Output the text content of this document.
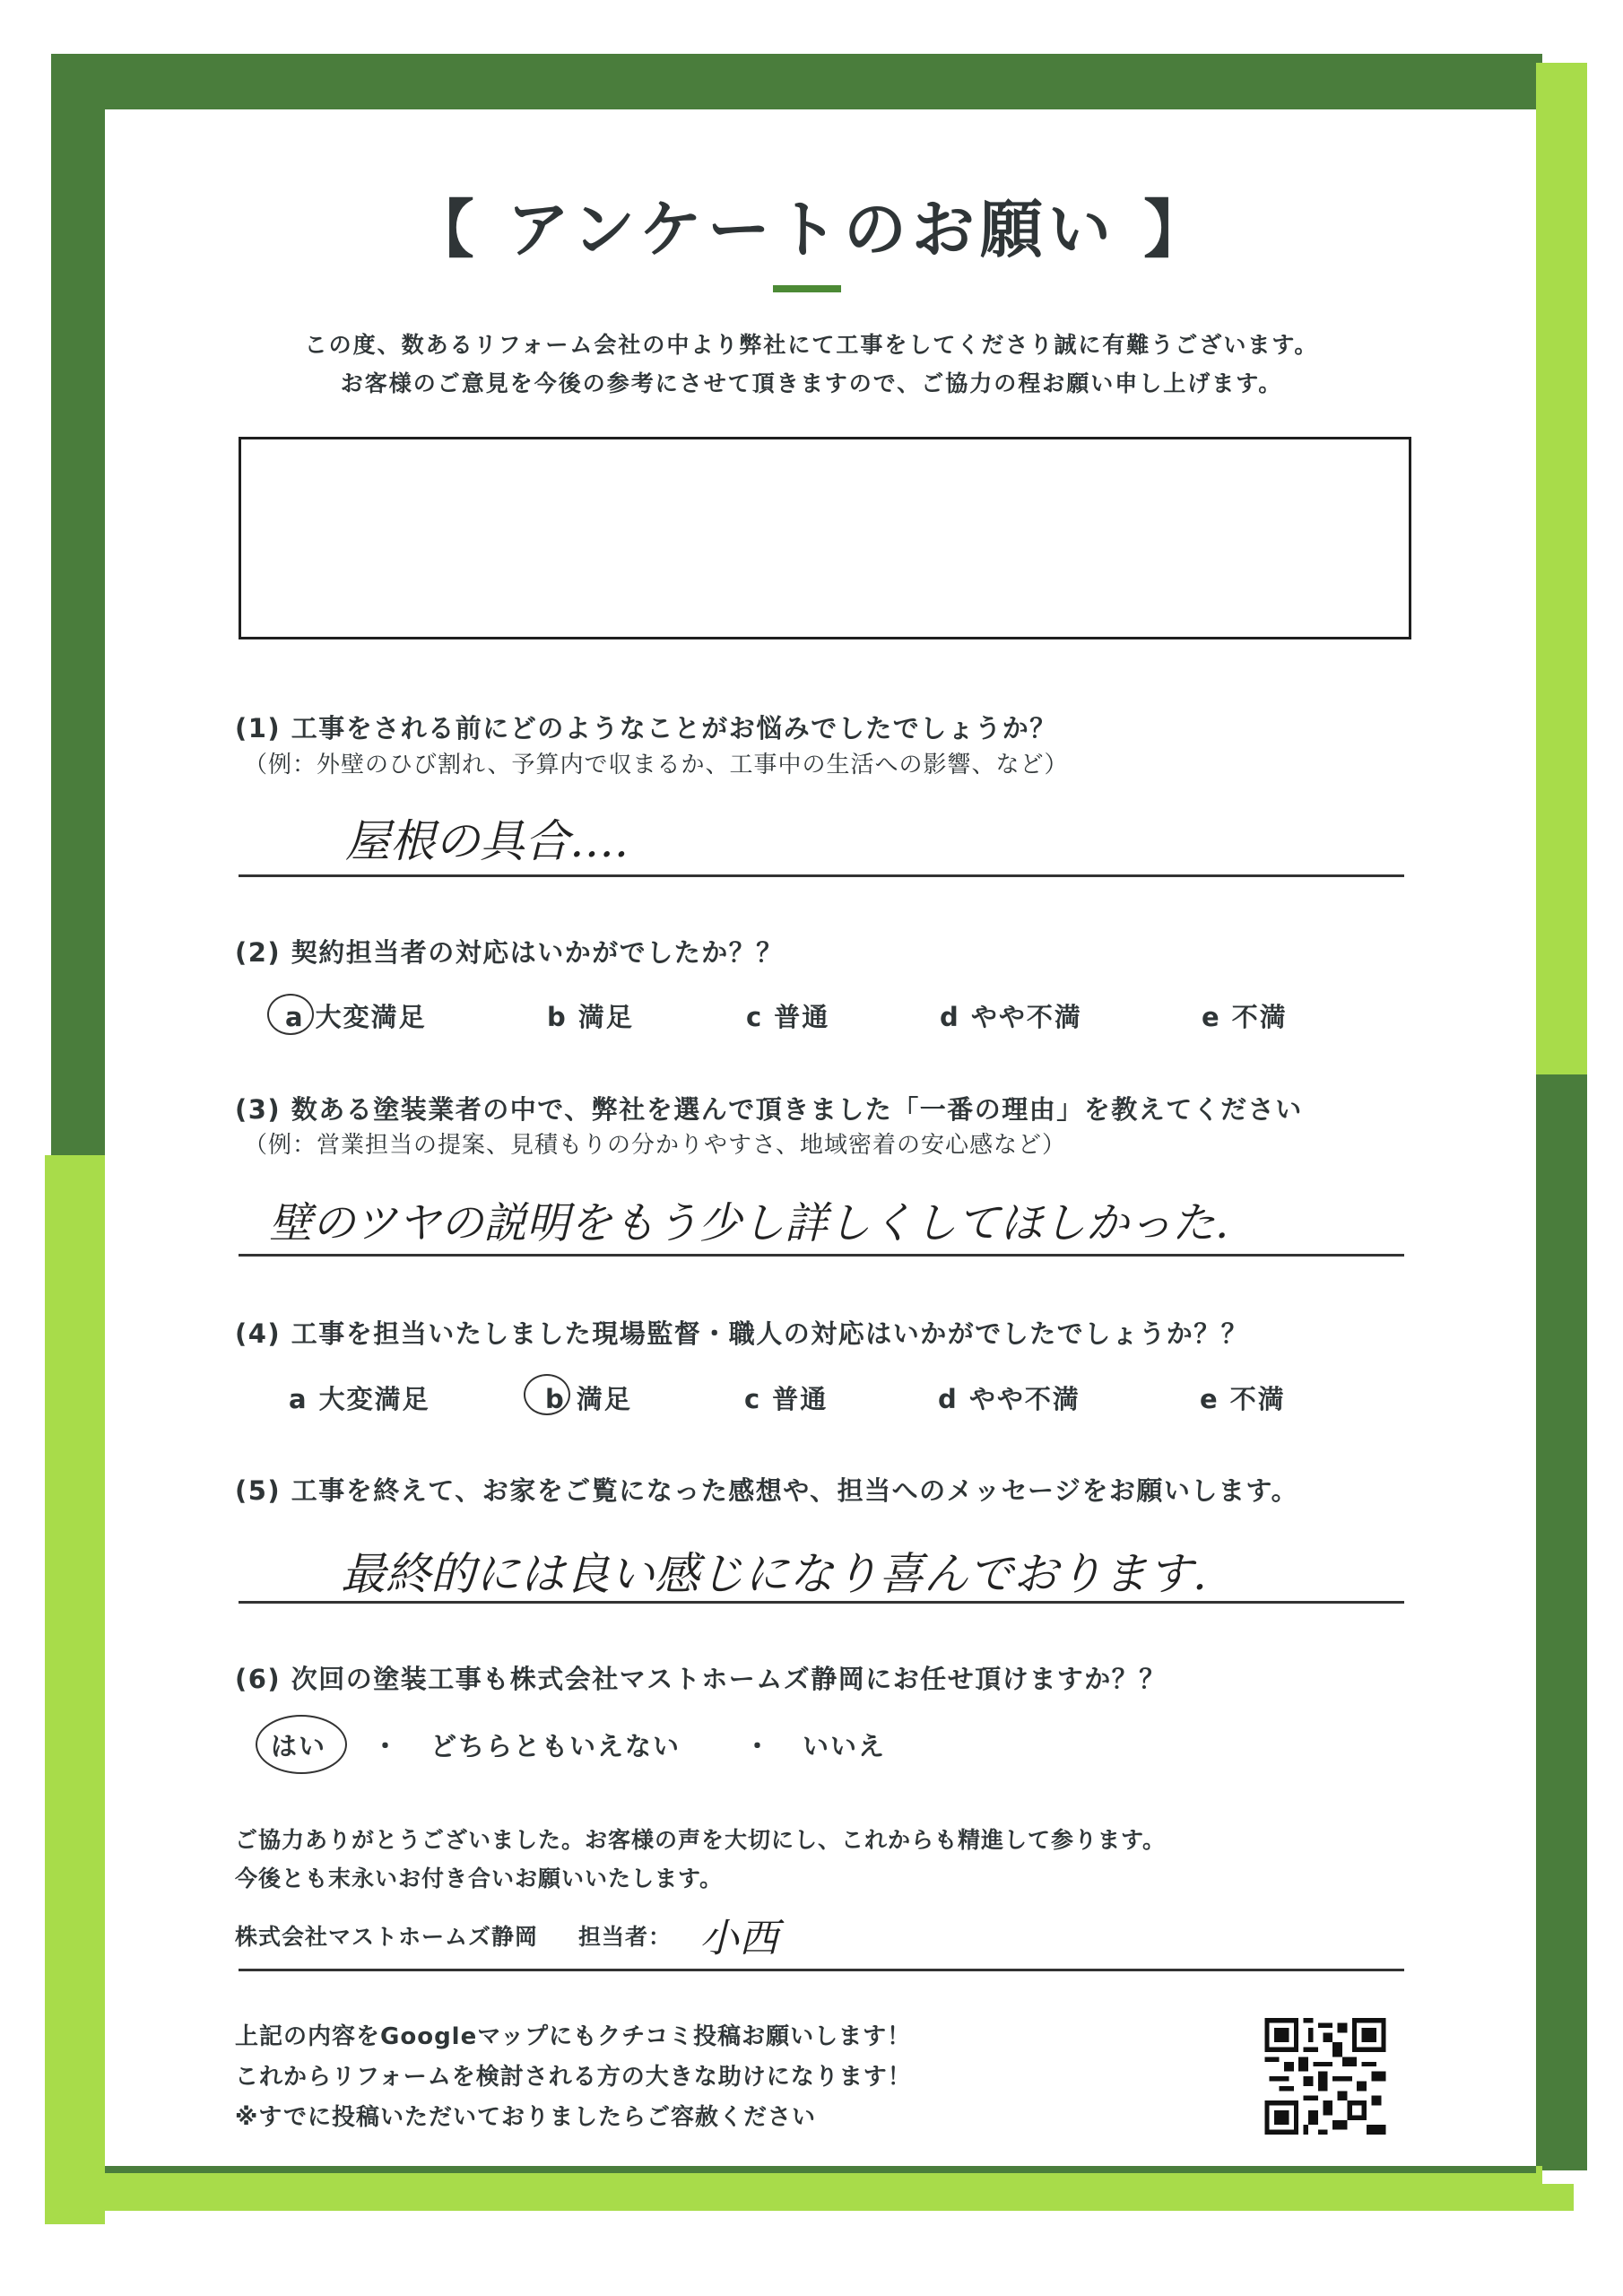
【 アンケートのお願い 】
この度、数あるリフォーム会社の中より弊社にて工事をしてくださり誠に有難うございます。
お客様のご意見を今後の参考にさせて頂きますので、ご協力の程お願い申し上げます。
(1) 工事をされる前にどのようなことがお悩みでしたでしょうか？
（例：外壁のひび割れ、予算内で収まるか、工事中の生活への影響、など）
屋根の具合….
(2) 契約担当者の対応はいかがでしたか？？
a 大変満足	b 満足	c 普通	d やや不満	e 不満
(3) 数ある塗装業者の中で、弊社を選んで頂きました「一番の理由」を教えてください
（例：営業担当の提案、見積もりの分かりやすさ、地域密着の安心感など）
壁のツヤの説明をもう少し詳しくしてほしかった.
(4) 工事を担当いたしました現場監督・職人の対応はいかがでしたでしょうか？？
a 大変満足	b 満足	c 普通	d やや不満	e 不満
(5) 工事を終えて、お家をご覧になった感想や、担当へのメッセージをお願いします。
最終的には良い感じになり喜んでおります.
(6) 次回の塗装工事も株式会社マストホームズ静岡にお任せ頂けますか？？
はい ・ どちらともいえない ・ いいえ
ご協力ありがとうございました。お客様の声を大切にし、これからも精進して参ります。
今後とも末永いお付き合いお願いいたします。
株式会社マストホームズ静岡 担当者： 小西
上記の内容をGoogleマップにもクチコミ投稿お願いします！
これからリフォームを検討される方の大きな助けになります！
※すでに投稿いただいておりましたらご容赦ください
